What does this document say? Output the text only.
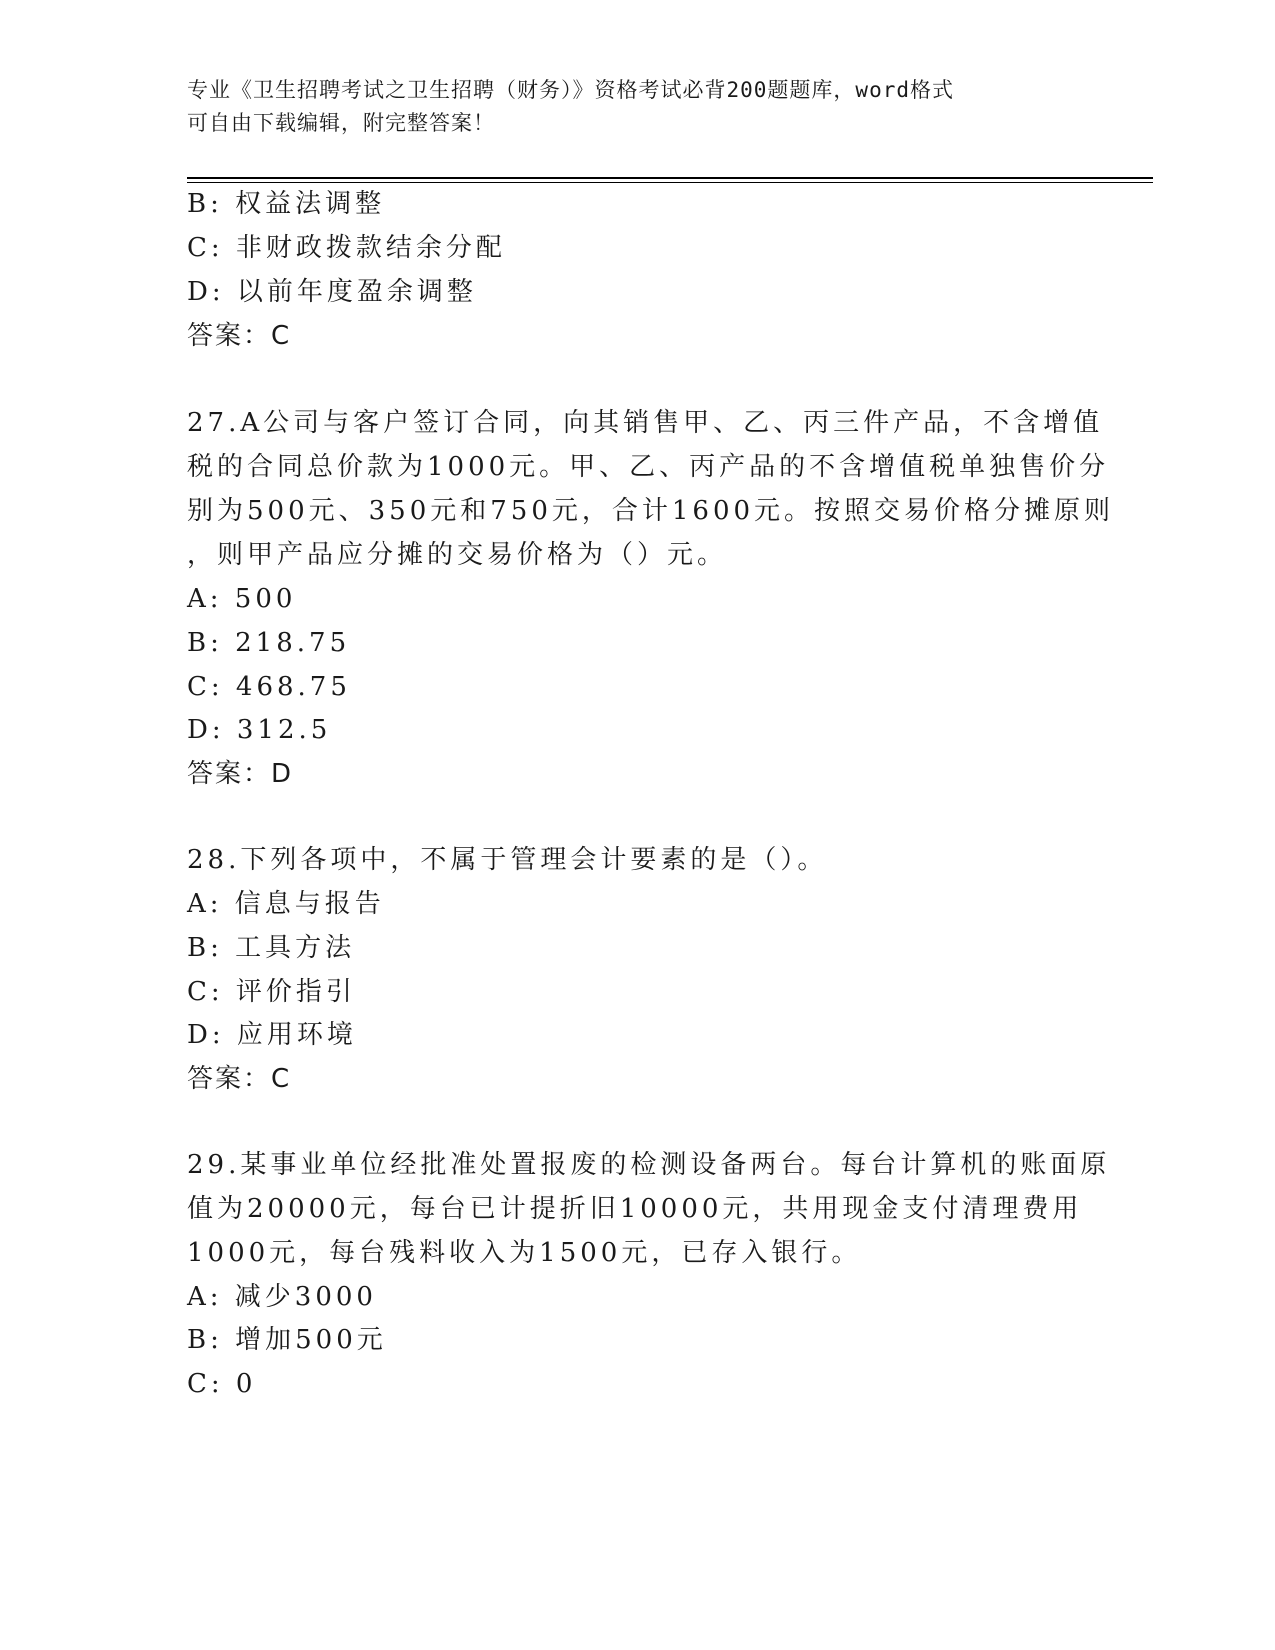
专业《卫生招聘考试之卫生招聘（财务）》资格考试必背200题题库，word格式
可自由下载编辑，附完整答案！
B: 权益法调整
C: 非财政拨款结余分配
D: 以前年度盈余调整
答案：C
27.A公司与客户签订合同，向其销售甲、乙、丙三件产品，不含增值
税的合同总价款为1000元。甲、乙、丙产品的不含增值税单独售价分
别为500元、350元和750元，合计1600元。按照交易价格分摊原则
，则甲产品应分摊的交易价格为（）元。
A: 500
B: 218.75
C: 468.75
D: 312.5
答案：D
28.下列各项中，不属于管理会计要素的是（）。
A: 信息与报告
B: 工具方法
C: 评价指引
D: 应用环境
答案：C
29.某事业单位经批准处置报废的检测设备两台。每台计算机的账面原
值为20000元，每台已计提折旧10000元，共用现金支付清理费用
1000元，每台残料收入为1500元，已存入银行。
A: 减少3000
B: 增加500元
C: 0
